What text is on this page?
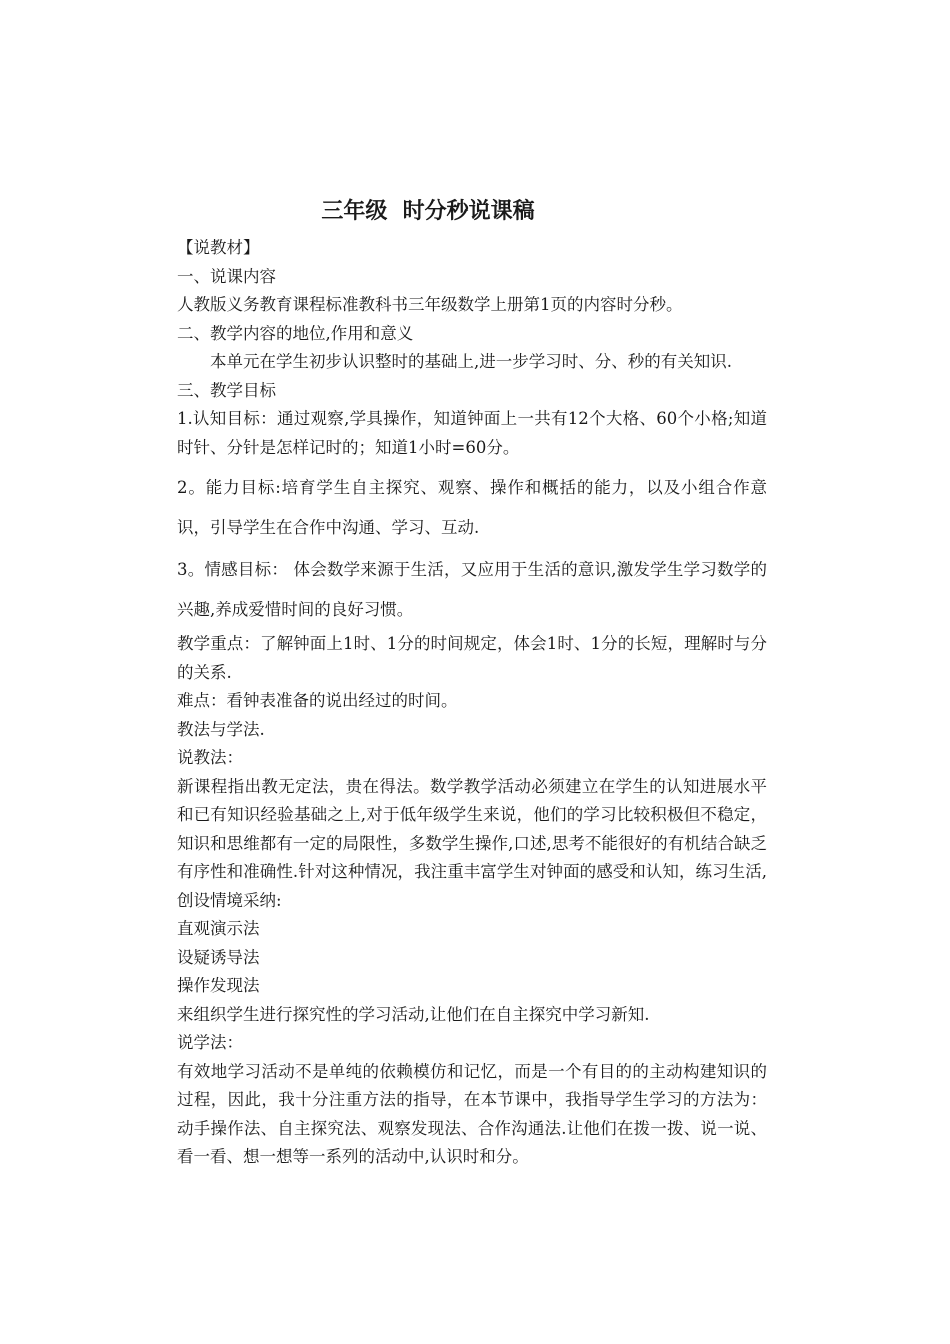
三年级  时分秒说课稿

【说教材】

一、说课内容

人教版义务教育课程标准教科书三年级数学上册第1页的内容时分秒。

二、教学内容的地位,作用和意义

本单元在学生初步认识整时的基础上,进一步学习时、分、秒的有关知识.

三、教学目标

1.认知目标：通过观察,学具操作，知道钟面上一共有12个大格、60个小格;知道时针、分针是怎样记时的；知道1小时=60分。

2。能力目标:培育学生自主探究、观察、操作和概括的能力，以及小组合作意识，引导学生在合作中沟通、学习、互动.

3。情感目标： 体会数学来源于生活，又应用于生活的意识,激发学生学习数学的兴趣,养成爱惜时间的良好习惯。

教学重点：了解钟面上1时、1分的时间规定，体会1时、1分的长短，理解时与分的关系.

难点：看钟表准备的说出经过的时间。

教法与学法.

说教法：

新课程指出教无定法，贵在得法。数学教学活动必须建立在学生的认知进展水平和已有知识经验基础之上,对于低年级学生来说，他们的学习比较积极但不稳定，知识和思维都有一定的局限性，多数学生操作,口述,思考不能很好的有机结合缺乏有序性和准确性.针对这种情况，我注重丰富学生对钟面的感受和认知，练习生活,创设情境采纳:

直观演示法

设疑诱导法

操作发现法

来组织学生进行探究性的学习活动,让他们在自主探究中学习新知.

说学法：

有效地学习活动不是单纯的依赖模仿和记忆，而是一个有目的的主动构建知识的过程，因此，我十分注重方法的指导，在本节课中，我指导学生学习的方法为：动手操作法、自主探究法、观察发现法、合作沟通法.让他们在拨一拨、说一说、看一看、想一想等一系列的活动中,认识时和分。
